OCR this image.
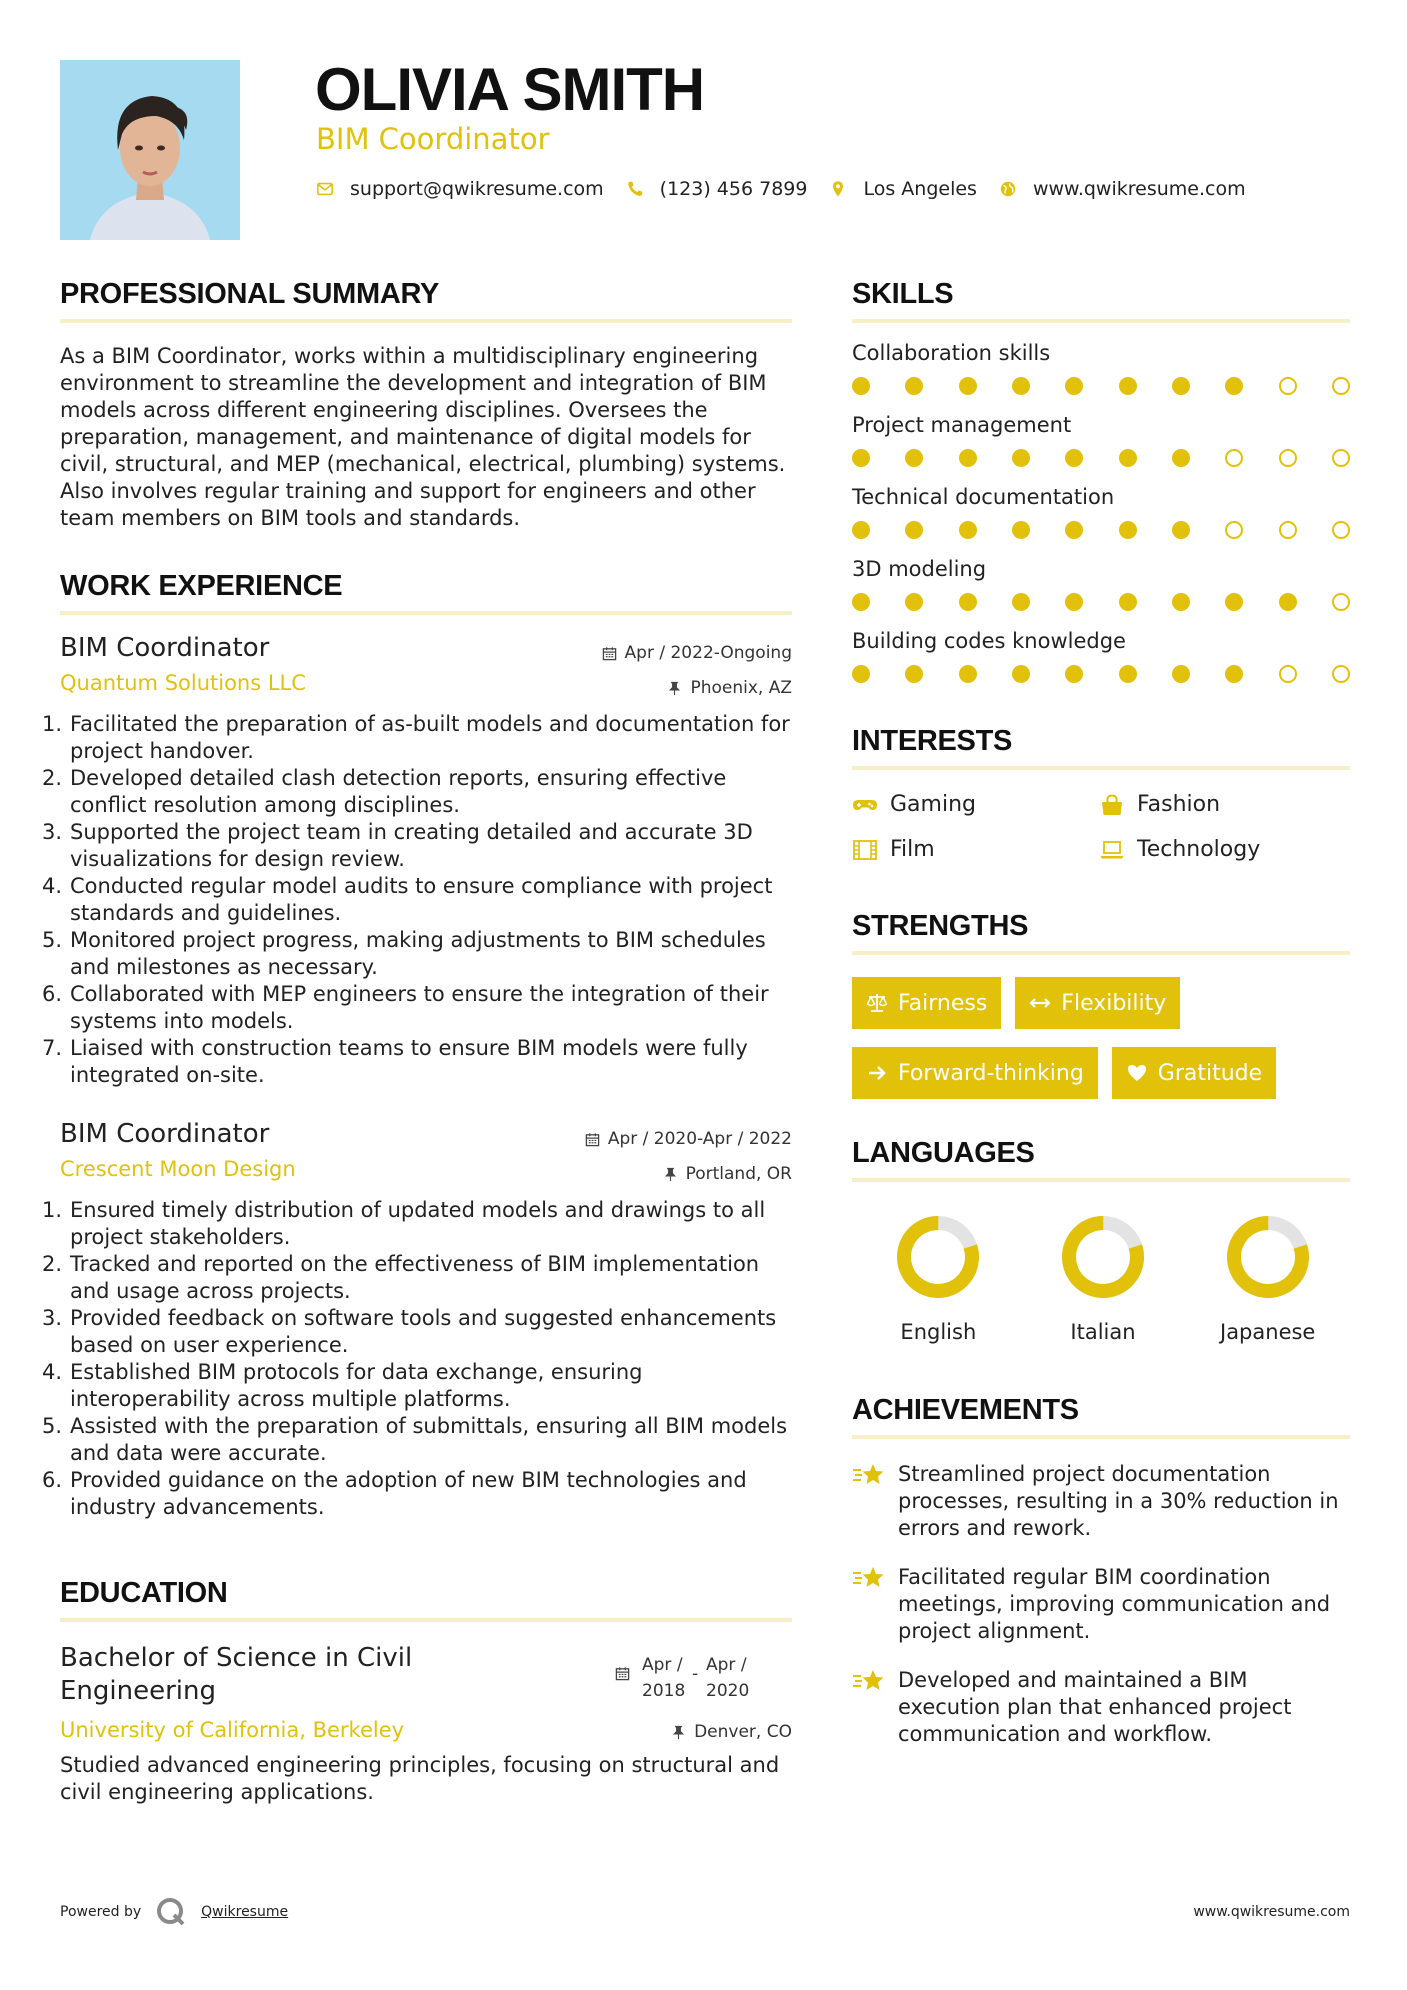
OLIVIA SMITH
BIM Coordinator
support@qwikresume.com	(123) 456 7899	Los Angeles	www.qwikresume.com
PROFESSIONAL SUMMARY

As a BIM Coordinator, works within a multidisciplinary engineering environment to streamline the development and integration of BIM models across different engineering disciplines. Oversees the preparation, management, and maintenance of digital models for civil, structural, and MEP (mechanical, electrical, plumbing) systems. Also involves regular training and support for engineers and other team members on BIM tools and standards.

WORK EXPERIENCE
BIM Coordinator
Quantum Solutions LLC
Apr / 2022-Ongoing
Phoenix, AZ
1. Facilitated the preparation of as-built models and documentation for project handover.
2. Developed detailed clash detection reports, ensuring effective conflict resolution among disciplines.
3. Supported the project team in creating detailed and accurate 3D visualizations for design review.
4. Conducted regular model audits to ensure compliance with project standards and guidelines.
5. Monitored project progress, making adjustments to BIM schedules and milestones as necessary.
6. Collaborated with MEP engineers to ensure the integration of their systems into models.
7. Liaised with construction teams to ensure BIM models were fully integrated on-site.
BIM Coordinator
Crescent Moon Design
Apr / 2020-Apr / 2022
Portland, OR
1. Ensured timely distribution of updated models and drawings to all project stakeholders.
2. Tracked and reported on the effectiveness of BIM implementation and usage across projects.
3. Provided feedback on software tools and suggested enhancements based on user experience.
4. Established BIM protocols for data exchange, ensuring interoperability across multiple platforms.
5. Assisted with the preparation of submittals, ensuring all BIM models and data were accurate.
6. Provided guidance on the adoption of new BIM technologies and industry advancements.
EDUCATION
Bachelor of Science in Civil Engineering
University of California, Berkeley
Apr / 2018
- Apr / 2020
Denver, CO

Studied advanced engineering principles, focusing on structural and civil engineering applications.

SKILLS
Collaboration skills
Project management
Technical documentation
3D modeling
Building codes knowledge
INTERESTS
Gaming	Fashion
Film	Technology
STRENGTHS
Fairness	Flexibility
Forward-thinking	Gratitude
LANGUAGES
English	Italian	Japanese
ACHIEVEMENTS
Streamlined project documentation processes, resulting in a 30% reduction in errors and rework.
Facilitated regular BIM coordination meetings, improving communication and project alignment.
Developed and maintained a BIM execution plan that enhanced project communication and workflow.
Powered by	Qwikresume	www.qwikresume.com
